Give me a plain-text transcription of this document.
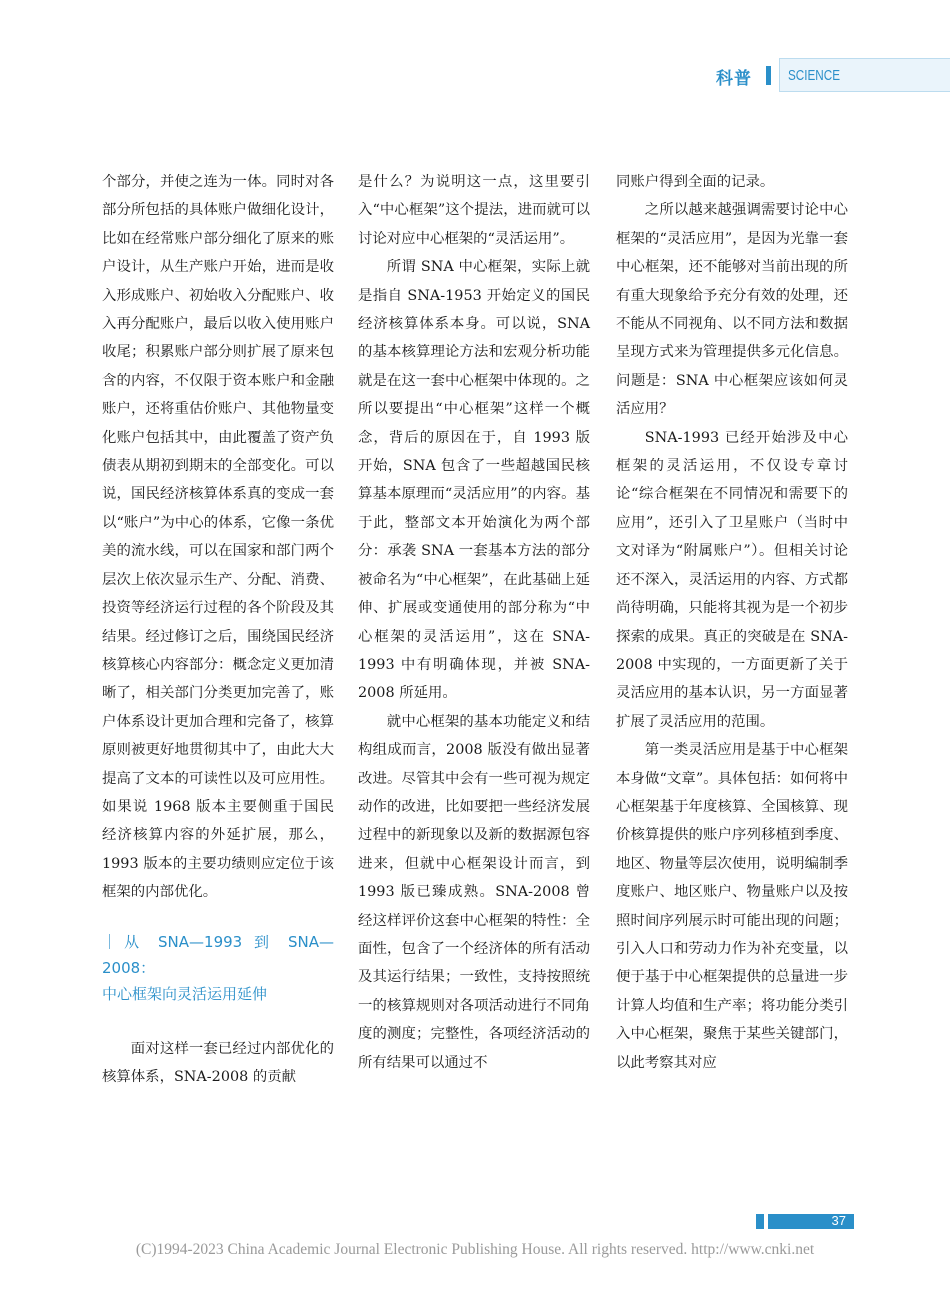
科普 SCIENCE

个部分，并使之连为一体。同时对各部分所包括的具体账户做细化设计，比如在经常账户部分细化了原来的账户设计，从生产账户开始，进而是收入形成账户、初始收入分配账户、收入再分配账户，最后以收入使用账户收尾；积累账户部分则扩展了原来包含的内容，不仅限于资本账户和金融账户，还将重估价账户、其他物量变化账户包括其中，由此覆盖了资产负债表从期初到期末的全部变化。可以说，国民经济核算体系真的变成一套以“账户”为中心的体系，它像一条优美的流水线，可以在国家和部门两个层次上依次显示生产、分配、消费、投资等经济运行过程的各个阶段及其结果。经过修订之后，围绕国民经济核算核心内容部分：概念定义更加清晰了，相关部门分类更加完善了，账户体系设计更加合理和完备了，核算原则被更好地贯彻其中了，由此大大提高了文本的可读性以及可应用性。如果说 1968 版本主要侧重于国民经济核算内容的外延扩展，那么，1993 版本的主要功绩则应定位于该框架的内部优化。

｜从 SNA—1993 到 SNA—2008：
中心框架向灵活运用延伸

面对这样一套已经过内部优化的核算体系，SNA-2008 的贡献

是什么？为说明这一点，这里要引入“中心框架”这个提法，进而就可以讨论对应中心框架的“灵活运用”。

所谓 SNA 中心框架，实际上就是指自 SNA-1953 开始定义的国民经济核算体系本身。可以说，SNA 的基本核算理论方法和宏观分析功能就是在这一套中心框架中体现的。之所以要提出“中心框架”这样一个概念，背后的原因在于，自 1993 版开始，SNA 包含了一些超越国民核算基本原理而“灵活应用”的内容。基于此，整部文本开始演化为两个部分：承袭 SNA 一套基本方法的部分被命名为“中心框架”，在此基础上延伸、扩展或变通使用的部分称为“中心框架的灵活运用”，这在 SNA-1993 中有明确体现，并被 SNA-2008 所延用。

就中心框架的基本功能定义和结构组成而言，2008 版没有做出显著改进。尽管其中会有一些可视为规定动作的改进，比如要把一些经济发展过程中的新现象以及新的数据源包容进来，但就中心框架设计而言，到 1993 版已臻成熟。SNA-2008 曾经这样评价这套中心框架的特性：全面性，包含了一个经济体的所有活动及其运行结果；一致性，支持按照统一的核算规则对各项活动进行不同角度的测度；完整性，各项经济活动的所有结果可以通过不

同账户得到全面的记录。

之所以越来越强调需要讨论中心框架的“灵活应用”，是因为光靠一套中心框架，还不能够对当前出现的所有重大现象给予充分有效的处理，还不能从不同视角、以不同方法和数据呈现方式来为管理提供多元化信息。问题是：SNA 中心框架应该如何灵活应用？

SNA-1993 已经开始涉及中心框架的灵活运用，不仅设专章讨论“综合框架在不同情况和需要下的应用”，还引入了卫星账户（当时中文对译为“附属账户”）。但相关讨论还不深入，灵活运用的内容、方式都尚待明确，只能将其视为是一个初步探索的成果。真正的突破是在 SNA-2008 中实现的，一方面更新了关于灵活应用的基本认识，另一方面显著扩展了灵活应用的范围。

第一类灵活应用是基于中心框架本身做“文章”。具体包括：如何将中心框架基于年度核算、全国核算、现价核算提供的账户序列移植到季度、地区、物量等层次使用，说明编制季度账户、地区账户、物量账户以及按照时间序列展示时可能出现的问题；引入人口和劳动力作为补充变量，以便于基于中心框架提供的总量进一步计算人均值和生产率；将功能分类引入中心框架，聚焦于某些关键部门，以此考察其对应

37
(C)1994-2023 China Academic Journal Electronic Publishing House. All rights reserved. http://www.cnki.net
